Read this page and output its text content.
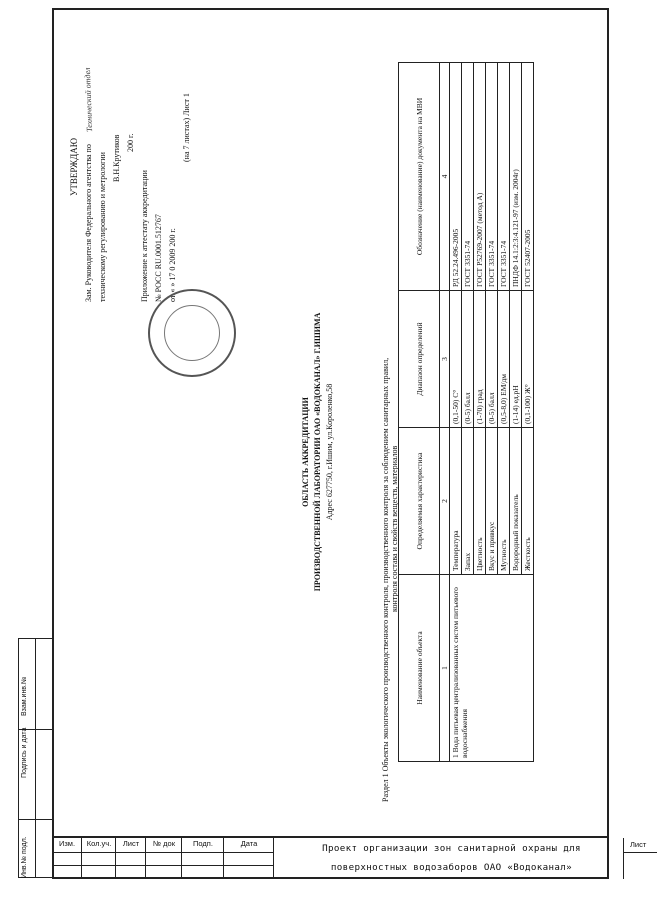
Инв.№ подл.
Подпись и дата
Взам.инв.№
Технический отдел
УТВЕРЖДАЮ Зам. Руководителя Федерального агентства по техническому регулированию и метрологии В.Н.Крутиков 200 г.
Приложение к аттестату аккредитации № РОСС RU.0001.512767 от « » 17 0 2009 200 г.
(на 7 листах) Лист 1
ОБЛАСТЬ АККРЕДИТАЦИИ ПРОИЗВОДСТВЕННОЙ ЛАБОРАТОРИИ ОАО «ВОДОКАНАЛ» Г.ИШИМА Адрес 627750, г.Ишим, ул.Короленко,58	Раздел 1 Объекты экологического производственного контроля, производственного контроля за соблюдением санитарных правил, контроля состава и свойств веществ, материалов
Наименование объекта	Определяемая характеристика	Диапазон определений	Обозначение (наименование) документа на МВИ
1	2	3	4
1 Вода питьевая централизованных систем питьевого водоснабжения	Температура	(0,1-50) С°	РД 52.24.496-2005
	Запах	(0-5) балл	ГОСТ 3351-74
	Цветность	(1-70) град	ГОСТ Р52769-2007 (метод А)
	Вкус и привкус	(0-5) балл	ГОСТ 3351-74
	Мутность	(0,5-8,0) ЕМ/дм	ГОСТ 3351-74
	Водородный показатель	(1-14) ед.рН	ПНДФ 14.1:2:3:4.121-97 (изм. 2004г)
	Жесткость	(0,1-100) Ж°	ГОСТ 52407-2005
Изм.	Кол.уч.	Лист	№ док	Подп.	Дата	Проект организации зон санитарной охраны для
поверхностных водозаборов ОАО «Водоканал»
Лист
